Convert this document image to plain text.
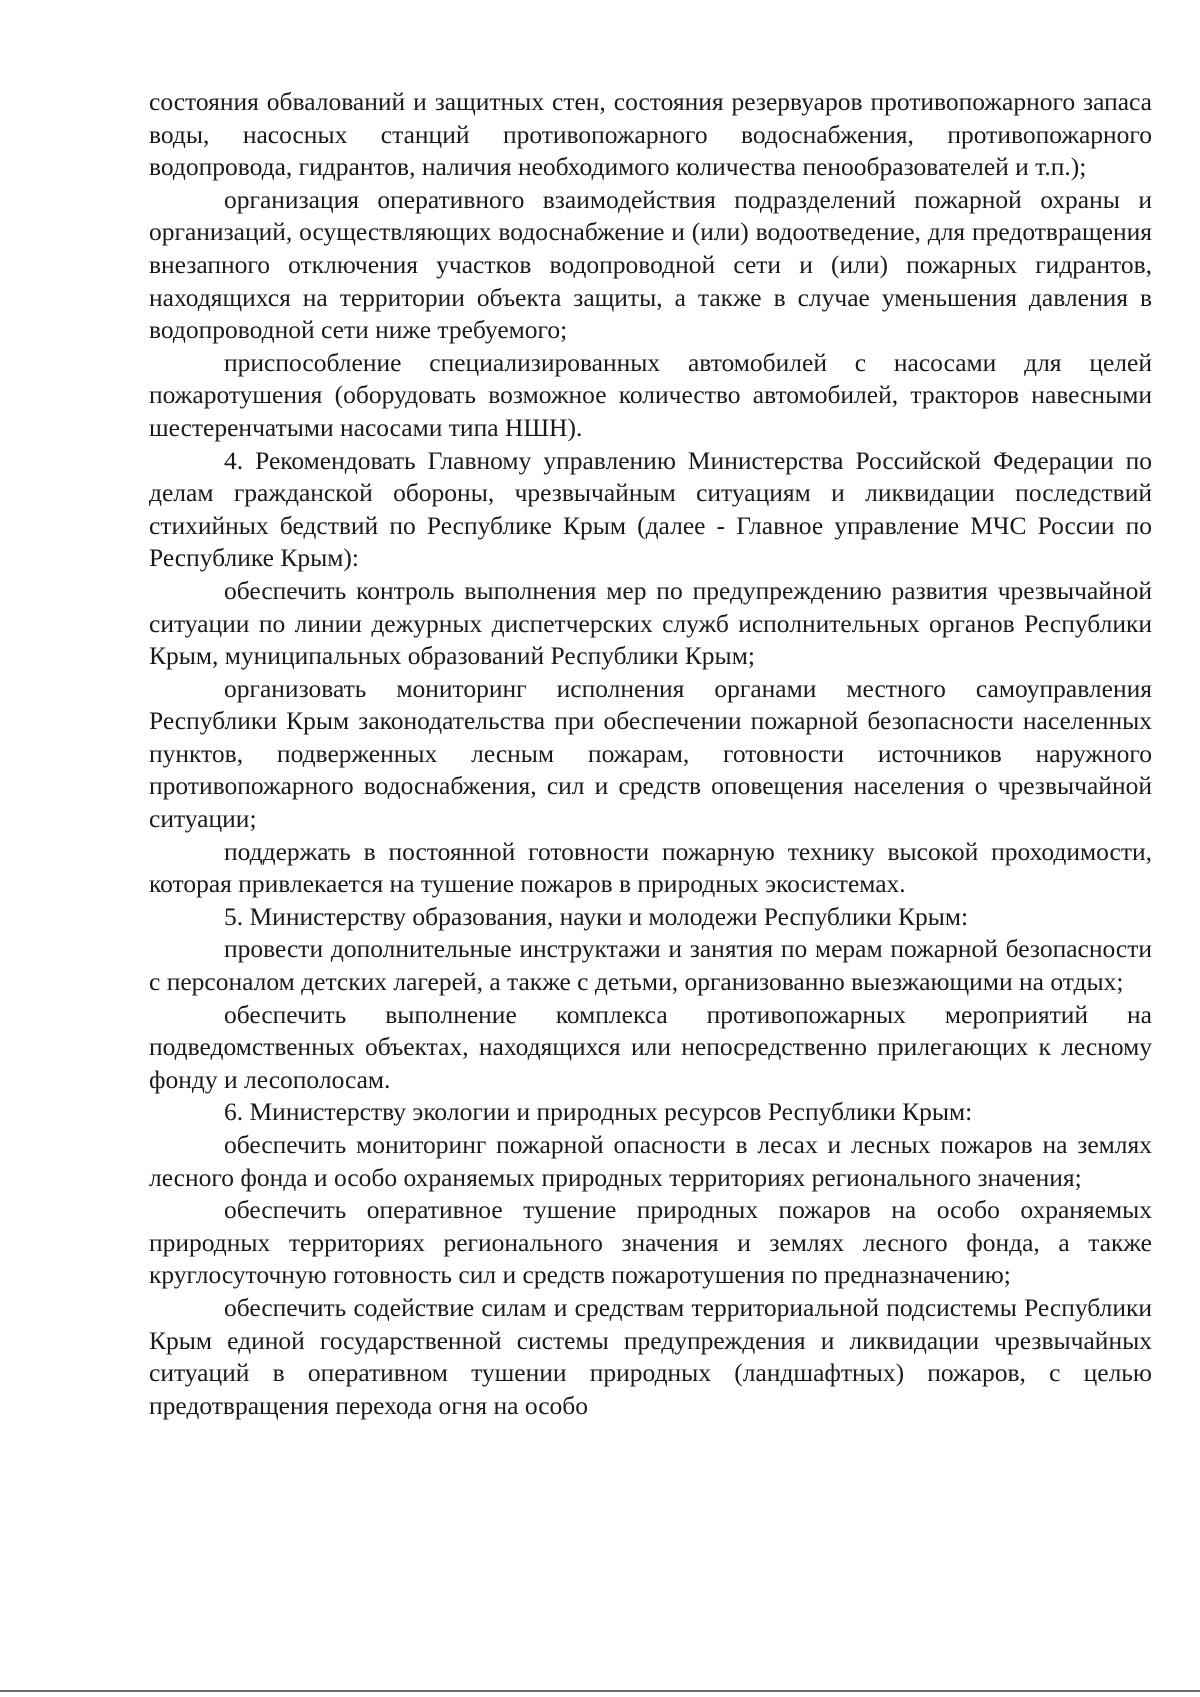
состояния обвалований и защитных стен, состояния резервуаров противопожарного запаса воды, насосных станций противопожарного водоснабжения, противопожарного водопровода, гидрантов, наличия необходимого количества пенообразователей и т.п.);

организация оперативного взаимодействия подразделений пожарной охраны и организаций, осуществляющих водоснабжение и (или) водоотведение, для предотвращения внезапного отключения участков водопроводной сети и (или) пожарных гидрантов, находящихся на территории объекта защиты, а также в случае уменьшения давления в водопроводной сети ниже требуемого;

приспособление специализированных автомобилей с насосами для целей пожаротушения (оборудовать возможное количество автомобилей, тракторов навесными шестеренчатыми насосами типа НШН).

4. Рекомендовать Главному управлению Министерства Российской Федерации по делам гражданской обороны, чрезвычайным ситуациям и ликвидации последствий стихийных бедствий по Республике Крым (далее - Главное управление МЧС России по Республике Крым):

обеспечить контроль выполнения мер по предупреждению развития чрезвычайной ситуации по линии дежурных диспетчерских служб исполнительных органов Республики Крым, муниципальных образований Республики Крым;

организовать мониторинг исполнения органами местного самоуправления Республики Крым законодательства при обеспечении пожарной безопасности населенных пунктов, подверженных лесным пожарам, готовности источников наружного противопожарного водоснабжения, сил и средств оповещения населения о чрезвычайной ситуации;

поддержать в постоянной готовности пожарную технику высокой проходимости, которая привлекается на тушение пожаров в природных экосистемах.

5. Министерству образования, науки и молодежи Республики Крым:

провести дополнительные инструктажи и занятия по мерам пожарной безопасности с персоналом детских лагерей, а также с детьми, организованно выезжающими на отдых;

обеспечить выполнение комплекса противопожарных мероприятий на подведомственных объектах, находящихся или непосредственно прилегающих к лесному фонду и лесополосам.

6. Министерству экологии и природных ресурсов Республики Крым:

обеспечить мониторинг пожарной опасности в лесах и лесных пожаров на землях лесного фонда и особо охраняемых природных территориях регионального значения;

обеспечить оперативное тушение природных пожаров на особо охраняемых природных территориях регионального значения и землях лесного фонда, а также круглосуточную готовность сил и средств пожаротушения по предназначению;

обеспечить содействие силам и средствам территориальной подсистемы Республики Крым единой государственной системы предупреждения и ликвидации чрезвычайных ситуаций в оперативном тушении природных (ландшафтных) пожаров, с целью предотвращения перехода огня на особо
